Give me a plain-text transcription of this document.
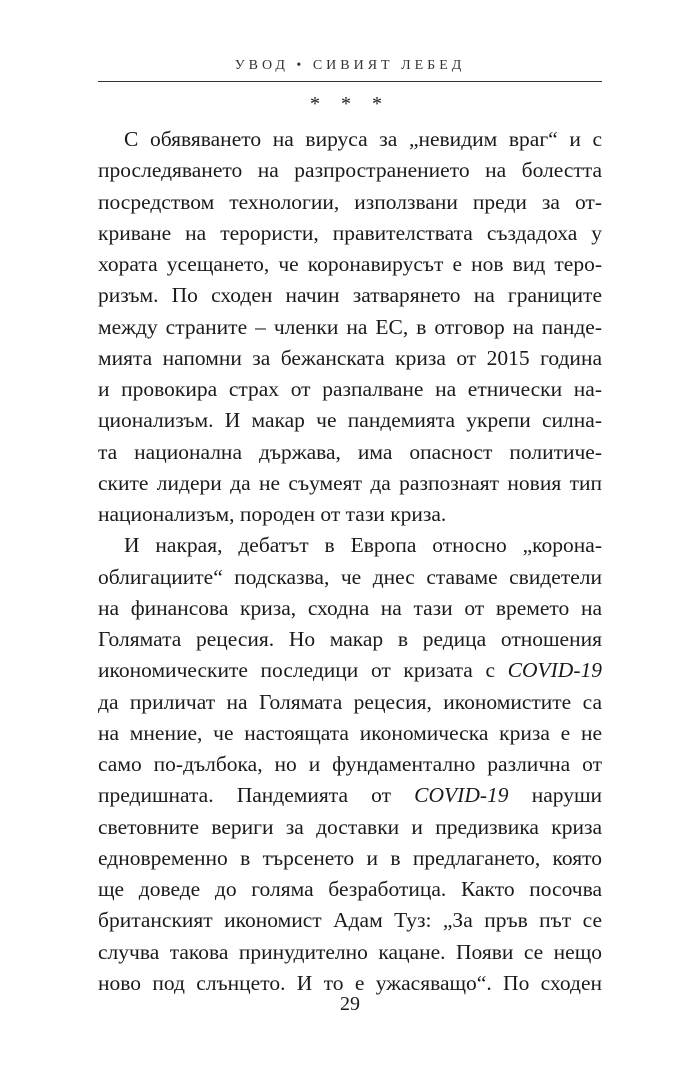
УВОД • СИВИЯТ ЛЕБЕД
* * *
С обявяването на вируса за „невидим враг“ и с
проследяването на разпространението на болестта
посредством технологии, използвани преди за от-
криване на терористи, правителствата създадоха у
хората усещането, че коронавирусът е нов вид теро-
ризъм. По сходен начин затварянето на границите
между страните – членки на ЕС, в отговор на панде-
мията напомни за бежанската криза от 2015 година
и провокира страх от разпалване на етнически на-
ционализъм. И макар че пандемията укрепи силна-
та национална държава, има опасност политиче-
ските лидери да не съумеят да разпознаят новия тип
национализъм, породен от тази криза.
И накрая, дебатът в Европа относно „корона-
облигациите“ подсказва, че днес ставаме свидетели
на финансова криза, сходна на тази от времето на
Голямата рецесия. Но макар в редица отношения
икономическите последици от кризата с COVID-19
да приличат на Голямата рецесия, икономистите са
на мнение, че настоящата икономическа криза е не
само по-дълбока, но и фундаментално различна от
предишната. Пандемията от COVID-19 наруши
световните вериги за доставки и предизвика криза
едновременно в търсенето и в предлагането, която
ще доведе до голяма безработица. Както посочва
британският икономист Адам Туз: „За пръв път се
случва такова принудително кацане. Появи се нещо
ново под слънцето. И то е ужасяващо“. По сходен
29
